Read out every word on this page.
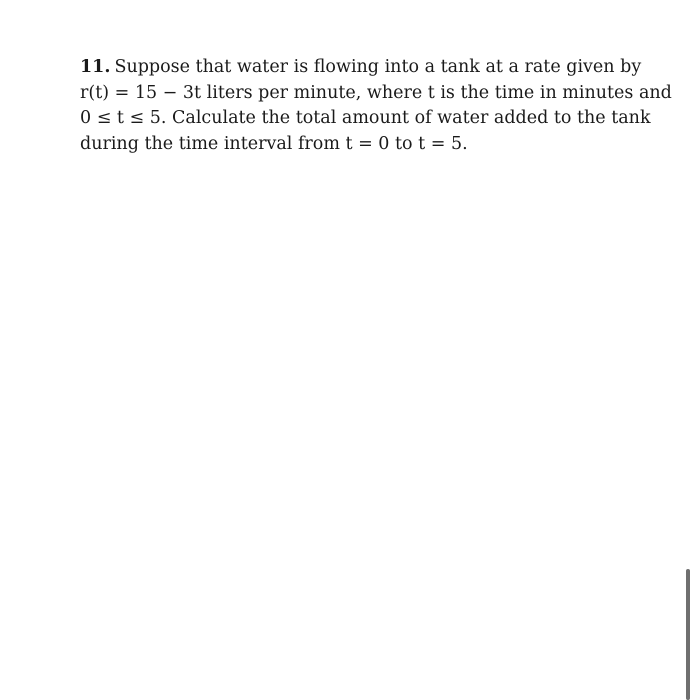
11. Suppose that water is flowing into a tank at a rate given by
r(t) = 15 − 3t liters per minute, where t is the time in minutes and
0 ≤ t ≤ 5. Calculate the total amount of water added to the tank
during the time interval from t = 0 to t = 5.
